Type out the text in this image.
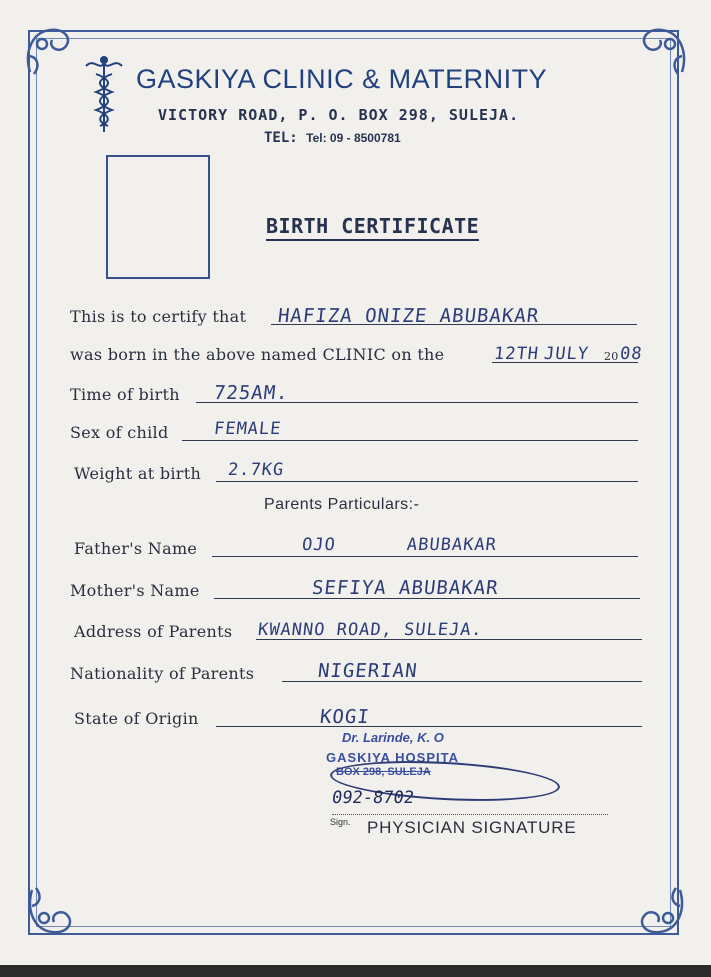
GASKIYA CLINIC & MATERNITY
VICTORY ROAD, P. O. BOX 298, SULEJA.
TEL: Tel: 09 - 8500781
BIRTH CERTIFICATE
This is to certify that HAFIZA ONIZE ABUBAKAR
was born in the above named CLINIC on the	12TH JULY 20 08
Time of birth 725AM.
Sex of child	FEMALE
Weight at birth 2.7KG
Parents Particulars:-
Father's Name	OJO ABUBAKAR
Mother's Name	SEFIYA ABUBAKAR
Address of Parents KWANNO ROAD, SULEJA.
Nationality of Parents	NIGERIAN
State of Origin	KOGI
Dr. Larinde, K. O
GASKIYA HOSPITA
BOX 298, SULEJA
092-8702
Sign. PHYSICIAN SIGNATURE
